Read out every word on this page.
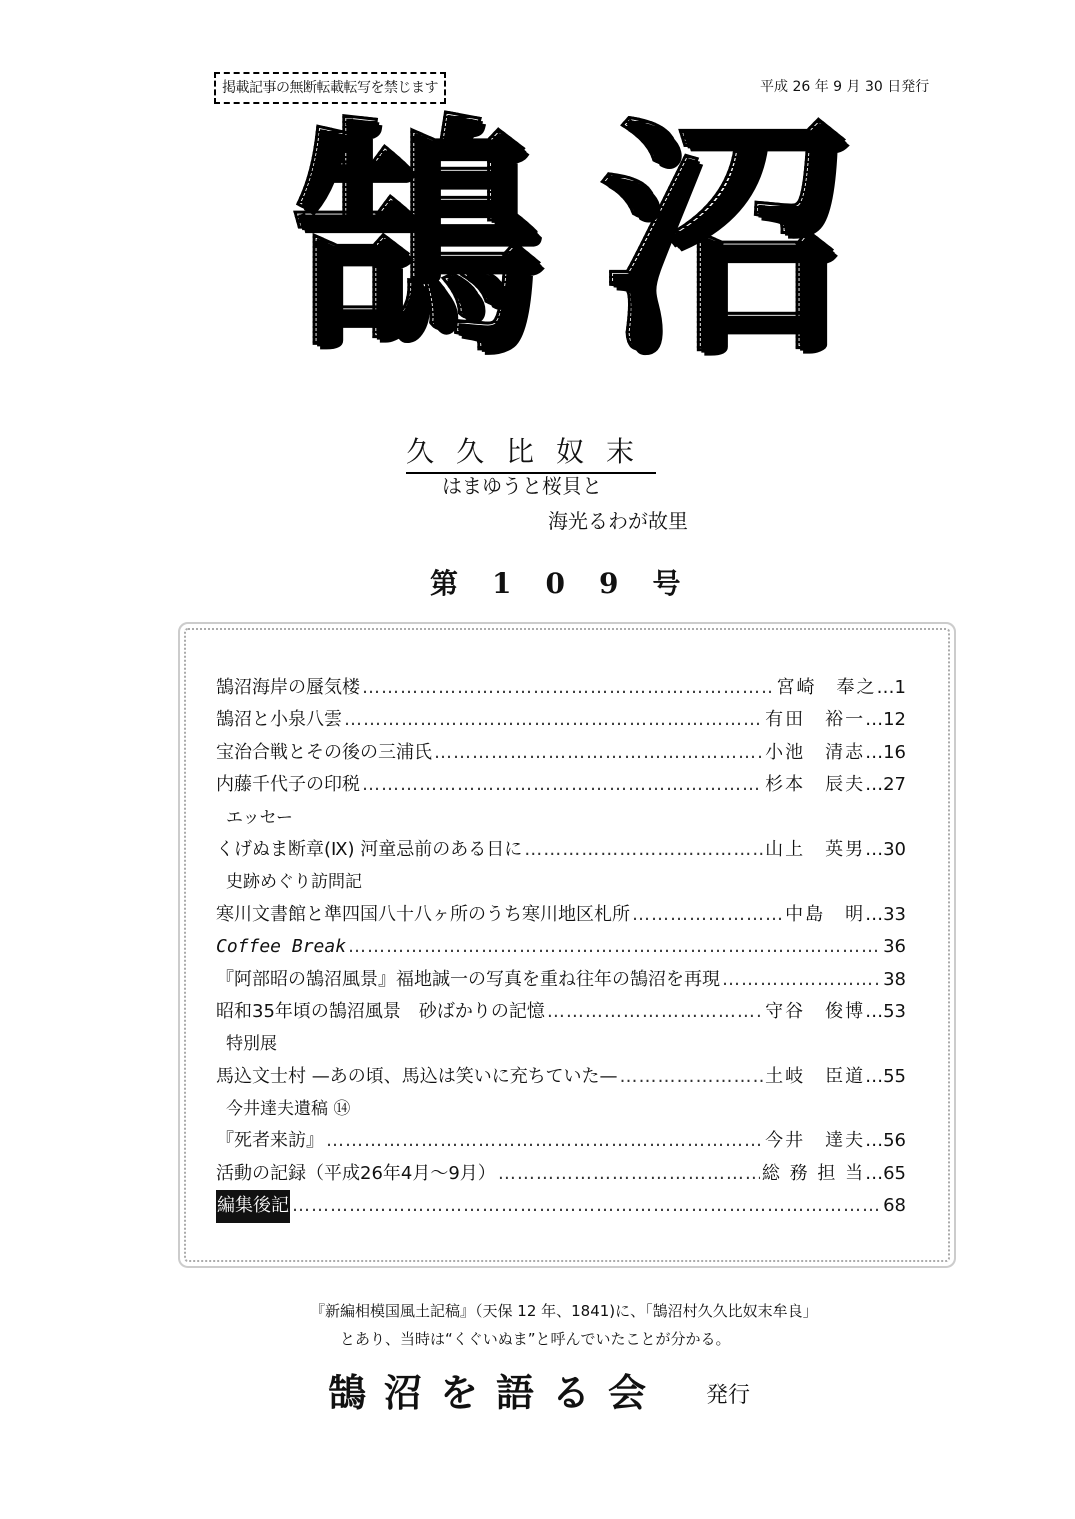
掲載記事の無断転載転写を禁じます	平成 26 年 9 月 30 日発行
鵠 沼
久久比奴末
はまゆうと桜貝と
海光るわが故里
第109号
鵠沼海岸の蜃気楼 ……………………………………………………………………………………………………………………	宮崎　奉之 … 1
鵠沼と小泉八雲 ……………………………………………………………………………………………………………………	有田　裕一 … 12
宝治合戦とその後の三浦氏 ……………………………………………………………………………………………………………………	小池　清志 … 16
内藤千代子の印税 ……………………………………………………………………………………………………………………	杉本　辰夫 … 27
エッセー
くげぬま断章(Ⅸ) 河童忌前のある日に ……………………………………………………………………………………………………………………	山上　英男 … 30
史跡めぐり訪問記
寒川文書館と準四国八十八ヶ所のうち寒川地区札所 ……………………………………………………………………………………………………………………	中島　明 … 33
Coffee Break ……………………………………………………………………………………………………………………	36
『阿部昭の鵠沼風景』福地誠一の写真を重ね往年の鵠沼を再現 ……………………………………………………………………………………………………………………	38
昭和35年頃の鵠沼風景　砂ばかりの記憶 ……………………………………………………………………………………………………………………	守谷　俊博 … 53
特別展
馬込文士村 —あの頃、馬込は笑いに充ちていた— ……………………………………………………………………………………………………………………	土岐　臣道 … 55
今井達夫遺稿 ⑭
『死者来訪』 ……………………………………………………………………………………………………………………	今井　達夫 … 56
活動の記録（平成26年4月～9月） ……………………………………………………………………………………………………………………	総 務 担 当 … 65
編集後記 ……………………………………………………………………………………………………………………	68
『新編相模国風土記稿』（天保 12 年、1841)に、「鵠沼村久久比奴末牟良」
とあり、当時は“くぐいぬま”と呼んでいたことが分かる。
鵠沼を語る会 発行
